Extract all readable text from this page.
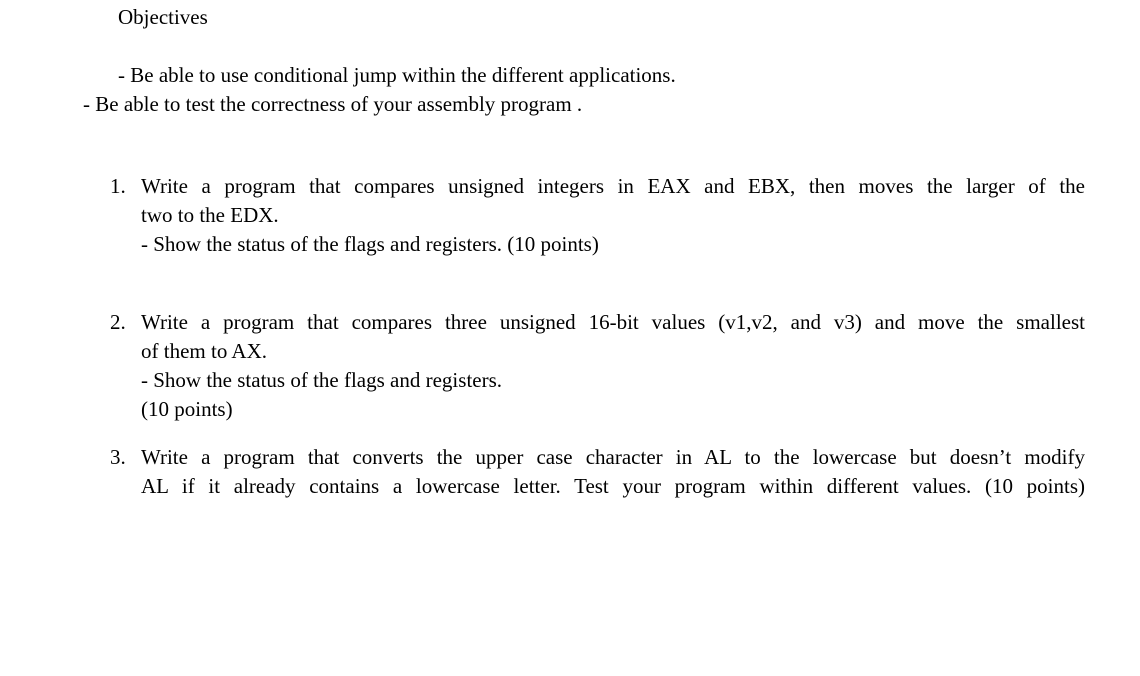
Objectives
- Be able to use conditional jump within the different applications.
- Be able to test the correctness of your assembly program .
1. Write a program that compares unsigned integers in EAX and EBX, then moves the larger of the
two to the EDX.
- Show the status of the flags and registers. (10 points)
2. Write a program that compares three unsigned 16-bit values (v1,v2, and v3) and move the smallest
of them to AX.
- Show the status of the flags and registers.
(10 points)
3. Write a program that converts the upper case character in AL to the lowercase but doesn’t modify
AL if it already contains a lowercase letter. Test your program within different values. (10 points)
